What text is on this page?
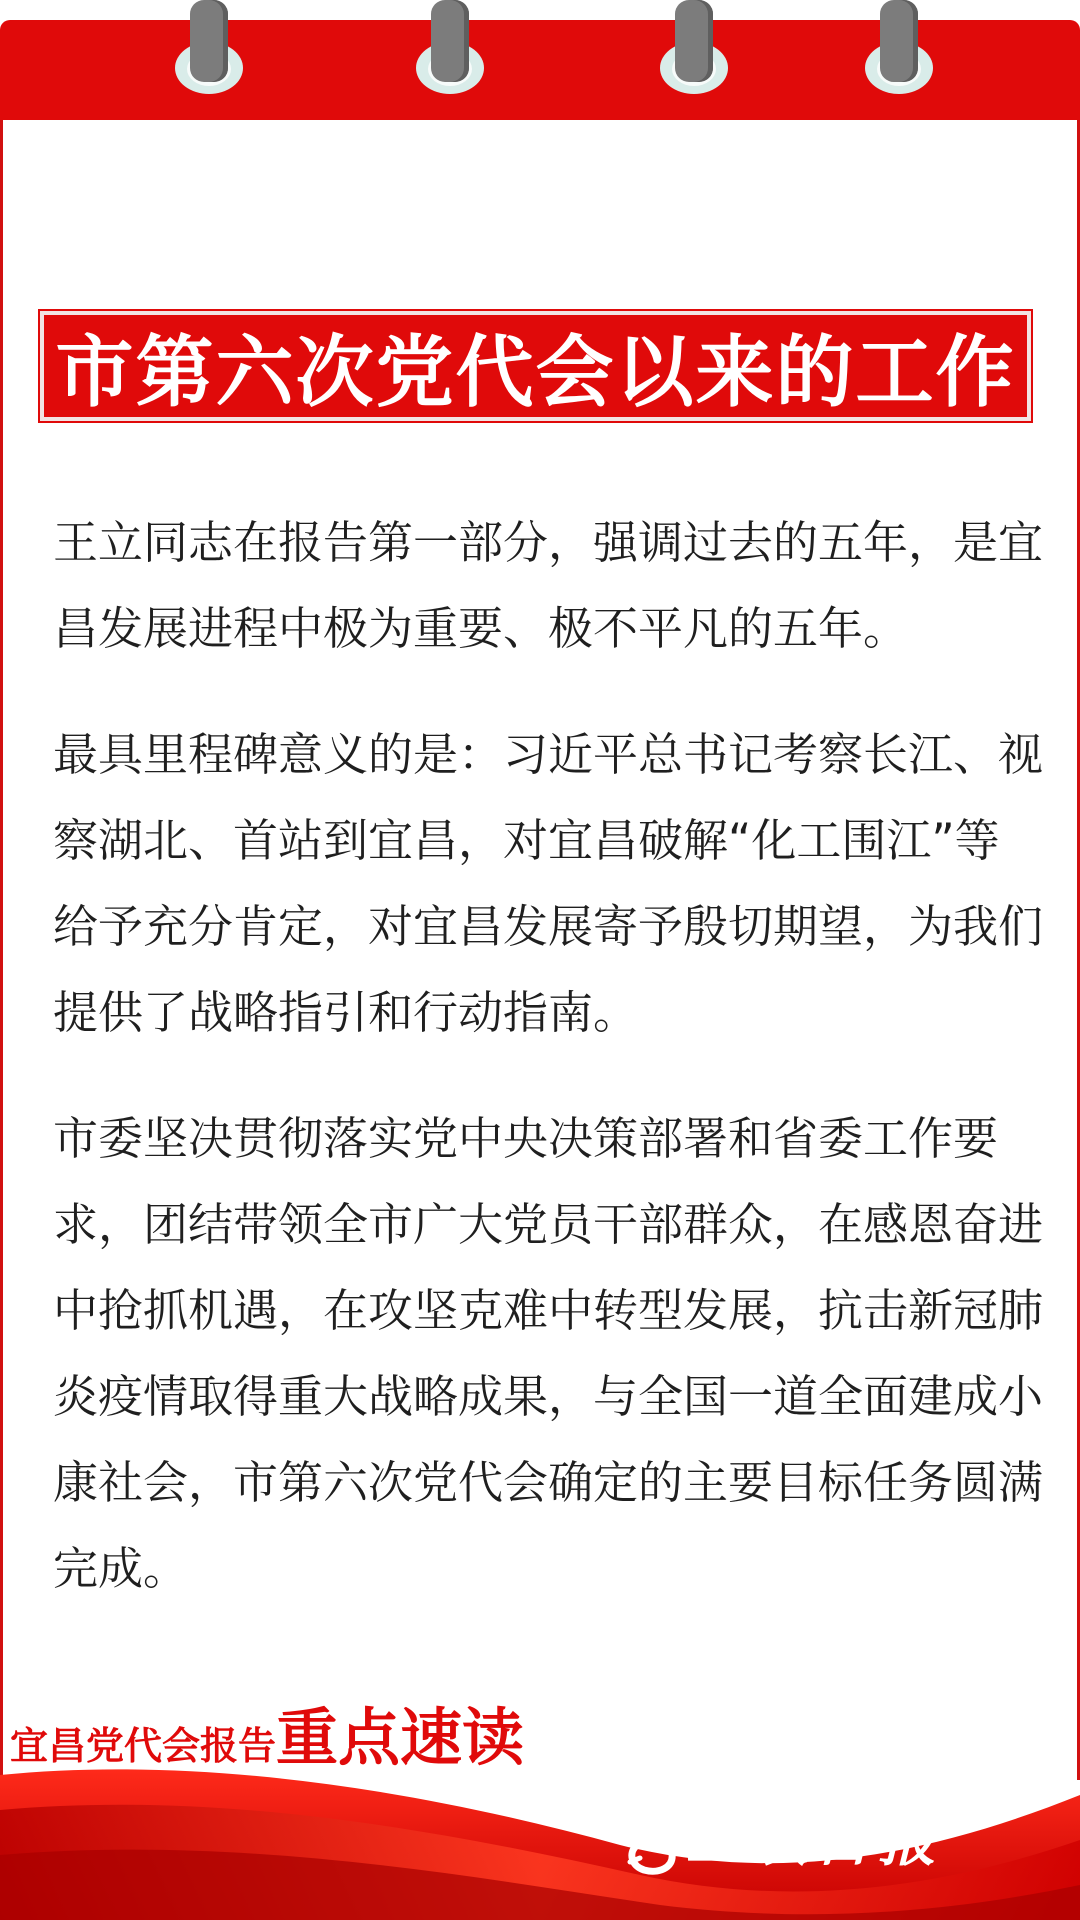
市第六次党代会以来的工作

王立同志在报告第一部分，强调过去的五年，是宜昌发展进程中极为重要、极不平凡的五年。

最具里程碑意义的是：习近平总书记考察长江、视察湖北、首站到宜昌，对宜昌破解“化工围江”等给予充分肯定，对宜昌发展寄予殷切期望，为我们提供了战略指引和行动指南。

市委坚决贯彻落实党中央决策部署和省委工作要求，团结带领全市广大党员干部群众，在感恩奋进中抢抓机遇，在攻坚克难中转型发展，抗击新冠肺炎疫情取得重大战略成果，与全国一道全面建成小康社会，市第六次党代会确定的主要目标任务圆满完成。

宜昌党代会报告重点速读
三峡日报
